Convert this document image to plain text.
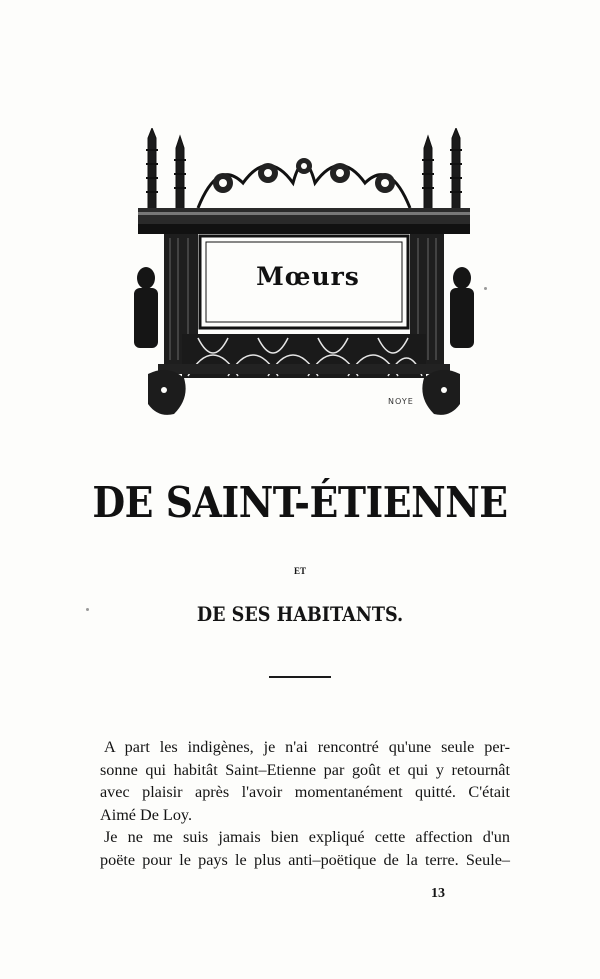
Mœurs
NOYE
DE SAINT-ÉTIENNE
ET
DE SES HABITANTS.
A part les indigènes, je n'ai rencontré qu'une seule per-
sonne qui habitât Saint–Etienne par goût et qui y retournât
avec plaisir après l'avoir momentanément quitté. C'était
Aimé De Loy.
Je ne me suis jamais bien expliqué cette affection d'un
poëte pour le pays le plus anti–poëtique de la terre. Seule–
13
